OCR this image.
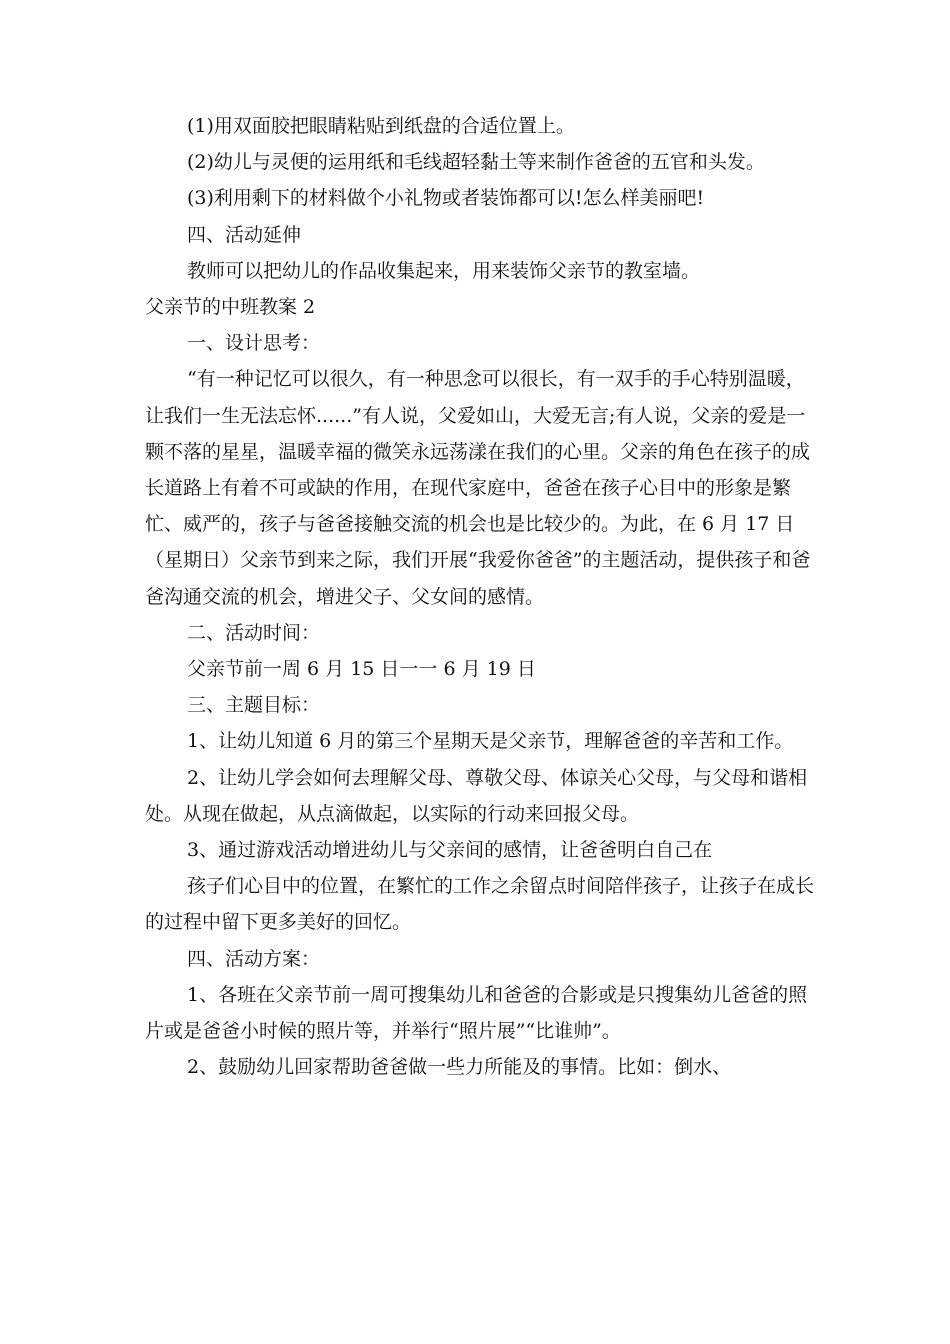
(1)用双面胶把眼睛粘贴到纸盘的合适位置上。

(2)幼儿与灵便的运用纸和毛线超轻黏土等来制作爸爸的五官和头发。

(3)利用剩下的材料做个小礼物或者装饰都可以!怎么样美丽吧!

四、活动延伸

教师可以把幼儿的作品收集起来，用来装饰父亲节的教室墙。

父亲节的中班教案 2

一、设计思考：

“有一种记忆可以很久，有一种思念可以很长，有一双手的手心特别温暖，让我们一生无法忘怀......”有人说，父爱如山，大爱无言;有人说，父亲的爱是一颗不落的星星，温暖幸福的微笑永远荡漾在我们的心里。父亲的角色在孩子的成长道路上有着不可或缺的作用，在现代家庭中，爸爸在孩子心目中的形象是繁忙、威严的，孩子与爸爸接触交流的机会也是比较少的。为此，在 6 月 17 日（星期日）父亲节到来之际，我们开展“我爱你爸爸”的主题活动，提供孩子和爸爸沟通交流的机会，增进父子、父女间的感情。

二、活动时间：

父亲节前一周 6 月 15 日一一 6 月 19 日

三、主题目标：

1、让幼儿知道 6 月的第三个星期天是父亲节，理解爸爸的辛苦和工作。

2、让幼儿学会如何去理解父母、尊敬父母、体谅关心父母，与父母和谐相处。从现在做起，从点滴做起，以实际的行动来回报父母。

3、通过游戏活动增进幼儿与父亲间的感情，让爸爸明白自己在

孩子们心目中的位置，在繁忙的工作之余留点时间陪伴孩子，让孩子在成长的过程中留下更多美好的回忆。

四、活动方案：

1、各班在父亲节前一周可搜集幼儿和爸爸的合影或是只搜集幼儿爸爸的照片或是爸爸小时候的照片等，并举行“照片展”“比谁帅”。

2、鼓励幼儿回家帮助爸爸做一些力所能及的事情。比如：倒水、
